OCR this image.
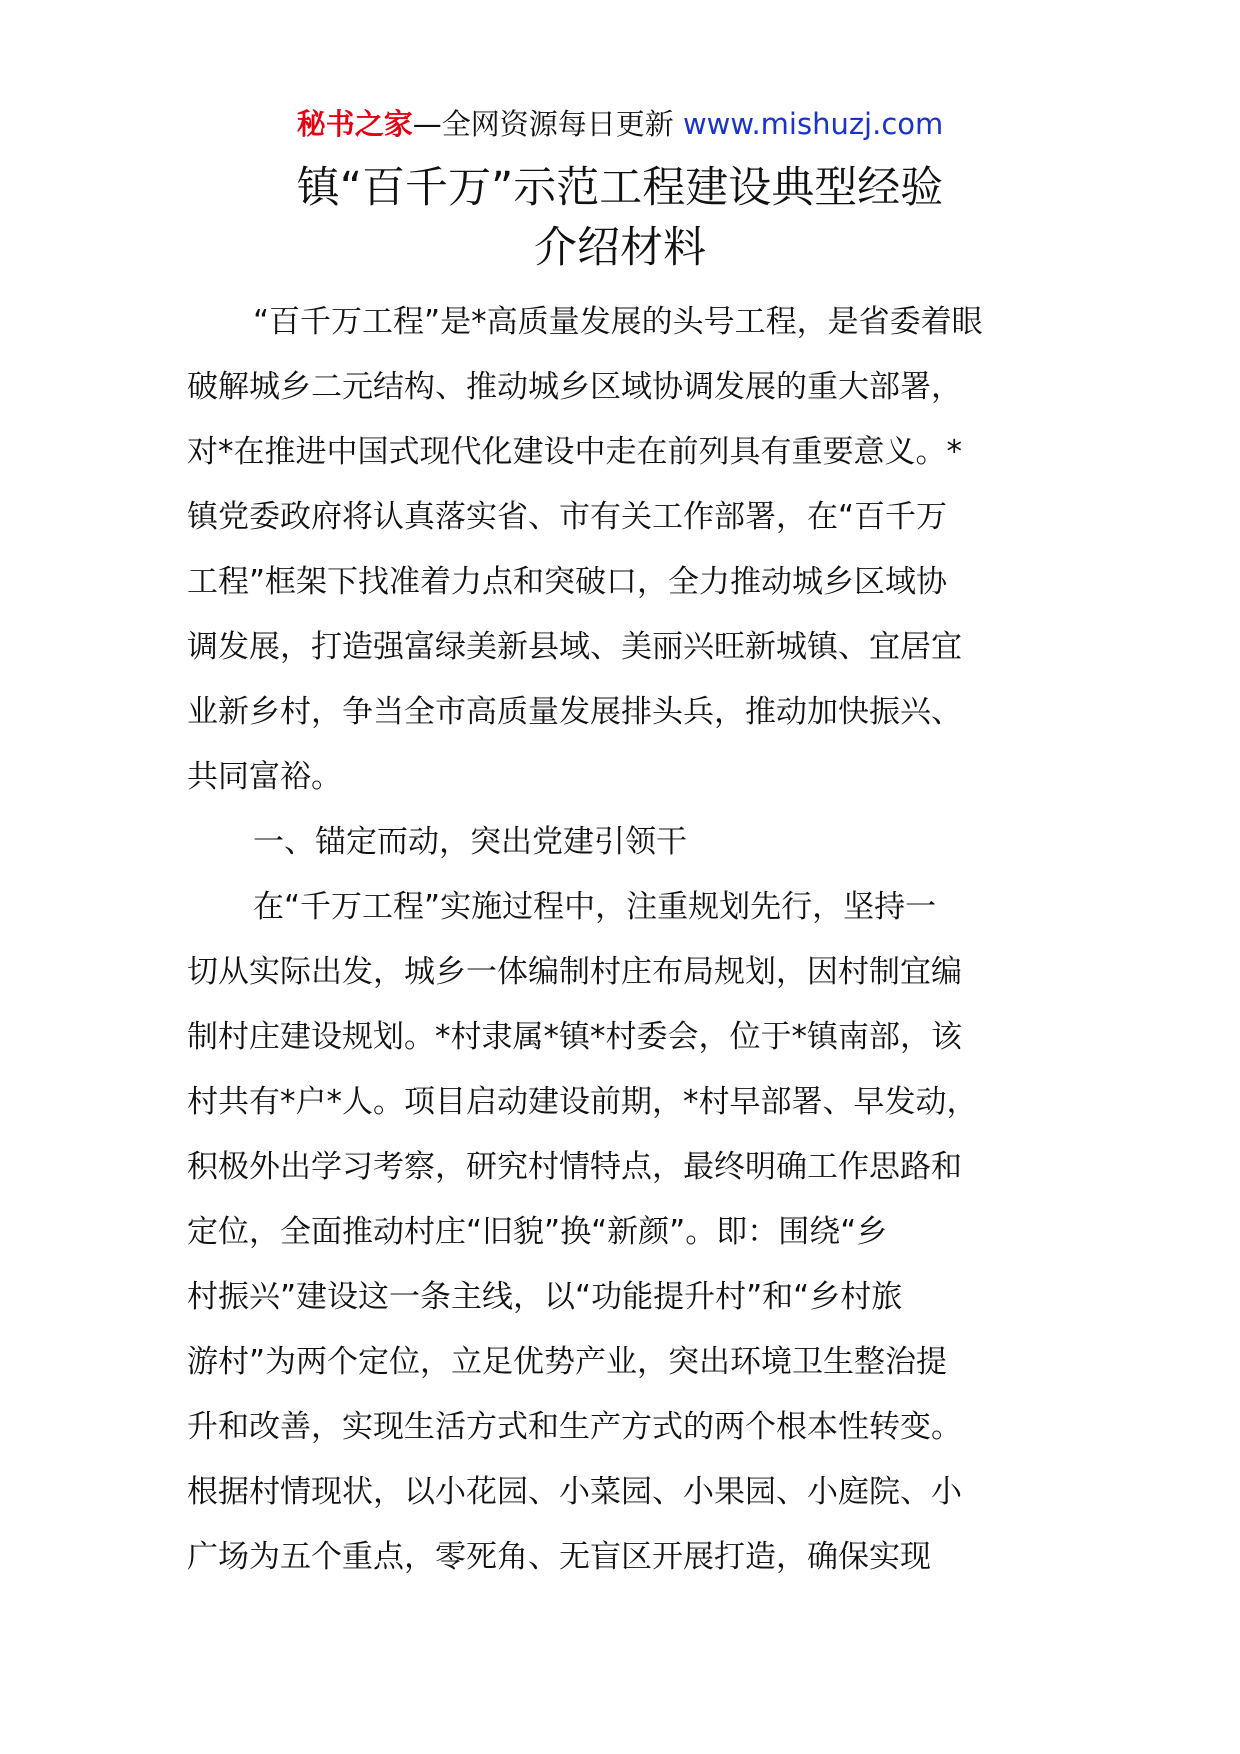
秘书之家—全网资源每日更新 www.mishuzj.com
镇“百千万”示范工程建设典型经验
介绍材料
“百千万工程”是*高质量发展的头号工程，是省委着眼
破解城乡二元结构、推动城乡区域协调发展的重大部署，
对*在推进中国式现代化建设中走在前列具有重要意义。*
镇党委政府将认真落实省、市有关工作部署，在“百千万
工程”框架下找准着力点和突破口，全力推动城乡区域协
调发展，打造强富绿美新县域、美丽兴旺新城镇、宜居宜
业新乡村，争当全市高质量发展排头兵，推动加快振兴、
共同富裕。
一、锚定而动，突出党建引领干
在“千万工程”实施过程中，注重规划先行，坚持一
切从实际出发，城乡一体编制村庄布局规划，因村制宜编
制村庄建设规划。*村隶属*镇*村委会，位于*镇南部，该
村共有*户*人。项目启动建设前期，*村早部署、早发动，
积极外出学习考察，研究村情特点，最终明确工作思路和
定位，全面推动村庄“旧貌”换“新颜”。即：围绕“乡
村振兴”建设这一条主线，以“功能提升村”和“乡村旅
游村”为两个定位，立足优势产业，突出环境卫生整治提
升和改善，实现生活方式和生产方式的两个根本性转变。
根据村情现状，以小花园、小菜园、小果园、小庭院、小
广场为五个重点，零死角、无盲区开展打造，确保实现
